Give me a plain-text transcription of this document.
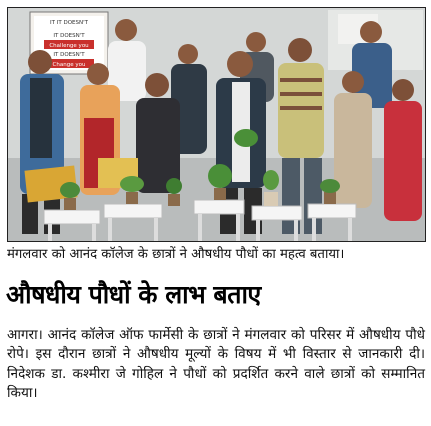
IT IT DOESN'T
IT DOESN'T
Challenge you
IT DOESN'T
Change you
मंगलवार को आनंद कॉलेज के छात्रों ने औषधीय पौधों का महत्व बताया।
औषधीय पौधों के लाभ बताए
आगरा। आनंद कॉलेज ऑफ फार्मेसी के छात्रों ने मंगलवार को परिसर में औषधीय पौधे रोपे। इस दौरान छात्रों ने औषधीय मूल्यों के विषय में भी विस्तार से जानकारी दी। निदेशक डा. कश्मीरा जे गोहिल ने पौधों को प्रदर्शित करने वाले छात्रों को सम्मानित किया।
